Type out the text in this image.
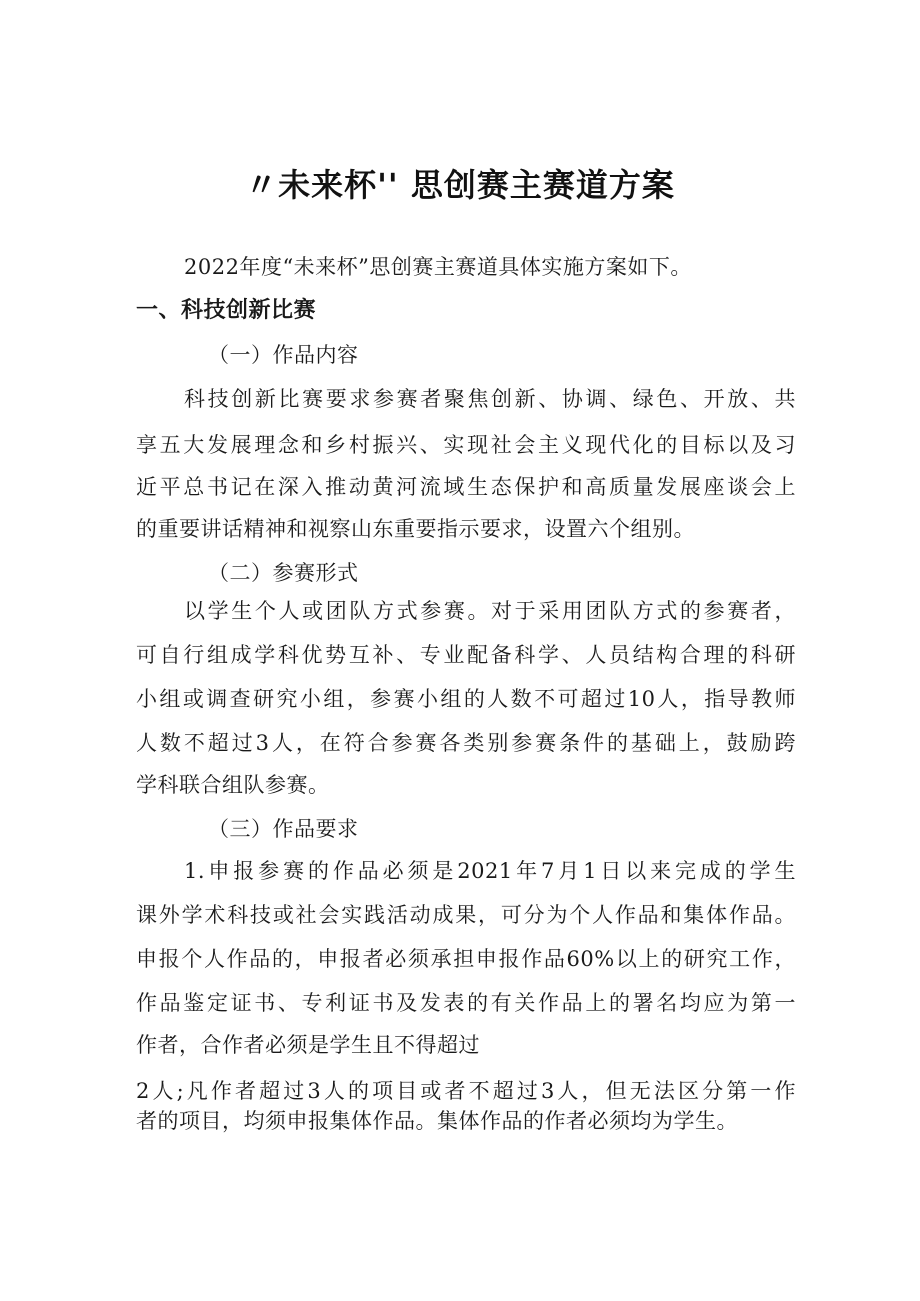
〃未来杯'' 思创赛主赛道方案
2022年度“未来杯”思创赛主赛道具体实施方案如下。
一、科技创新比赛
（一）作品内容
科技创新比赛要求参赛者聚焦创新、协调、绿色、开放、共
享五大发展理念和乡村振兴、实现社会主义现代化的目标以及习
近平总书记在深入推动黄河流域生态保护和高质量发展座谈会上
的重要讲话精神和视察山东重要指示要求，设置六个组别。
（二）参赛形式
以学生个人或团队方式参赛。对于采用团队方式的参赛者，
可自行组成学科优势互补、专业配备科学、人员结构合理的科研
小组或调查研究小组，参赛小组的人数不可超过10人，指导教师
人数不超过3人，在符合参赛各类别参赛条件的基础上，鼓励跨
学科联合组队参赛。
（三）作品要求
1.申报参赛的作品必须是2021年7月1日以来完成的学生
课外学术科技或社会实践活动成果，可分为个人作品和集体作品。
申报个人作品的，申报者必须承担申报作品60%以上的研究工作，
作品鉴定证书、专利证书及发表的有关作品上的署名均应为第一
作者，合作者必须是学生且不得超过
2人;凡作者超过3人的项目或者不超过3人，但无法区分第一作
者的项目，均须申报集体作品。集体作品的作者必须均为学生。
